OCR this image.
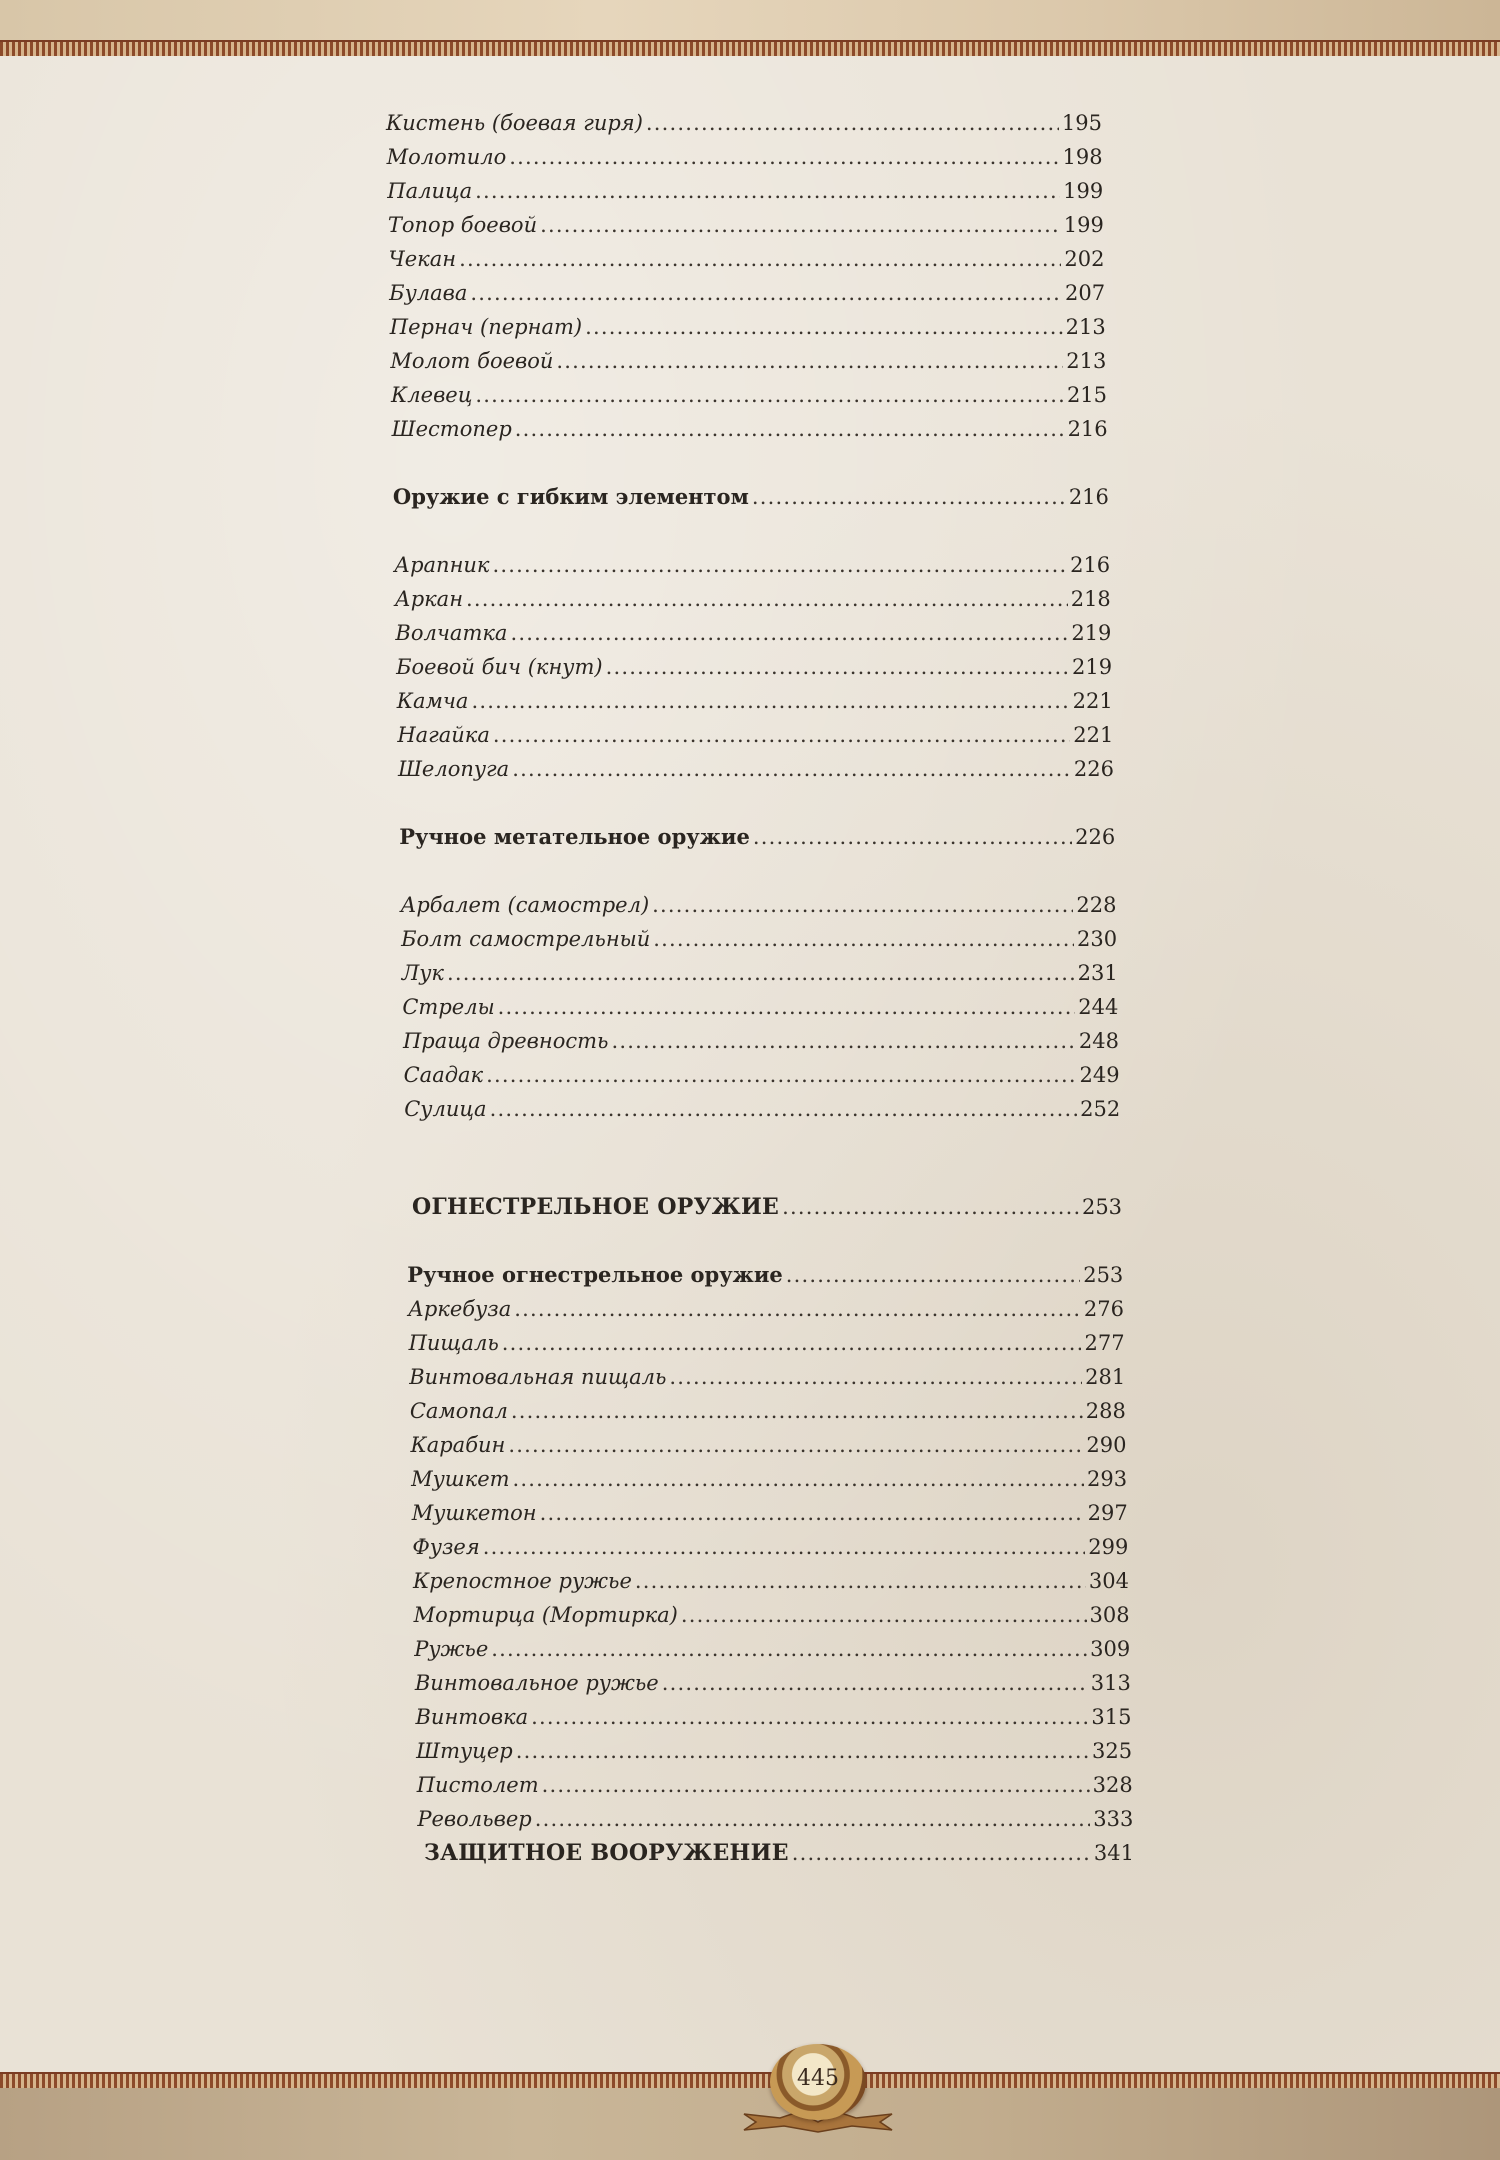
Кистень (боевая гиря) .....	195
Молотило .....	198
Палица .....	199
Топор боевой .....	199
Чекан .....	202
Булава .....	207
Пернач (пернат) .....	213
Молот боевой .....	213
Клевец .....	215
Шестопер .....	216
Оружие с гибким элементом .....	216
Арапник .....	216
Аркан .....	218
Волчатка .....	219
Боевой бич (кнут) .....	219
Камча .....	221
Нагайка .....	221
Шелопуга .....	226
Ручное метательное оружие .....	226
Арбалет (самострел) .....	228
Болт самострельный .....	230
Лук .....	231
Стрелы .....	244
Праща древность .....	248
Саадак .....	249
Сулица .....	252
ОГНЕСТРЕЛЬНОЕ ОРУЖИЕ .....	253
Ручное огнестрельное оружие .....	253
Аркебуза .....	276
Пищаль .....	277
Винтовальная пищаль .....	281
Самопал .....	288
Карабин .....	290
Мушкет .....	293
Мушкетон .....	297
Фузея .....	299
Крепостное ружье .....	304
Мортирца (Мортирка) .....	308
Ружье .....	309
Винтовальное ружье .....	313
Винтовка .....	315
Штуцер .....	325
Пистолет .....	328
Револьвер .....	333
ЗАЩИТНОЕ ВООРУЖЕНИЕ .....	341
445
